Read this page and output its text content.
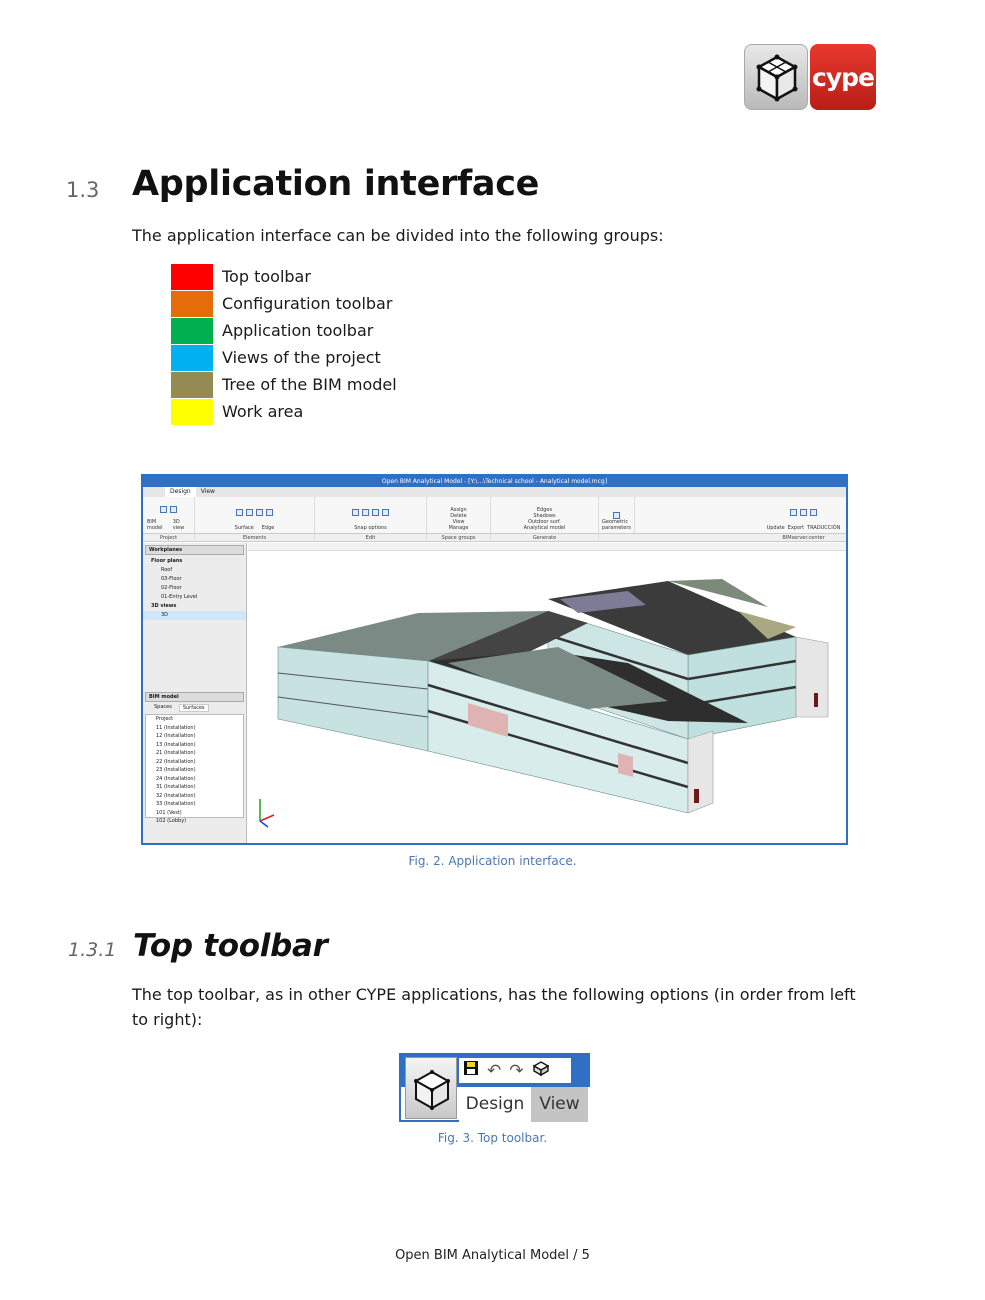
cype
1.3 Application interface
The application interface can be divided into the following groups:
Top toolbar
Configuration toolbar
Application toolbar
Views of the project
Tree of the BIM model
Work area
Open BIM Analytical Model - [Y:\...\Technical school - Analytical model.mcg]
Design	View
BIM model
3D view	Surface Edge	Snap options
Assign
Delete
View
Manage
Edges
Shadows
Outdoor surf.
Analytical model
Geometric parameters	Update Export TRADUCCIÓN
Project	Elements	Edit	Space groups	Generate	BIMserver.center
Workplanes
Floor plans
Roof
03-Floor
02-Floor
01-Entry Level
3D views
3D
BIM model
Spaces	Surfaces
Project
11 (Installation)
12 (Installation)
13 (Installation)
21 (Installation)
22 (Installation)
23 (Installation)
24 (Installation)
31 (Installation)
32 (Installation)
33 (Installation)
101 (Vest)
102 (Lobby)
Fig. 2. Application interface.
1.3.1 Top toolbar
The top toolbar, as in other CYPE applications, has the following options (in order from left to right):
↶ ↷
Design View
Fig. 3. Top toolbar.
Open BIM Analytical Model / 5
